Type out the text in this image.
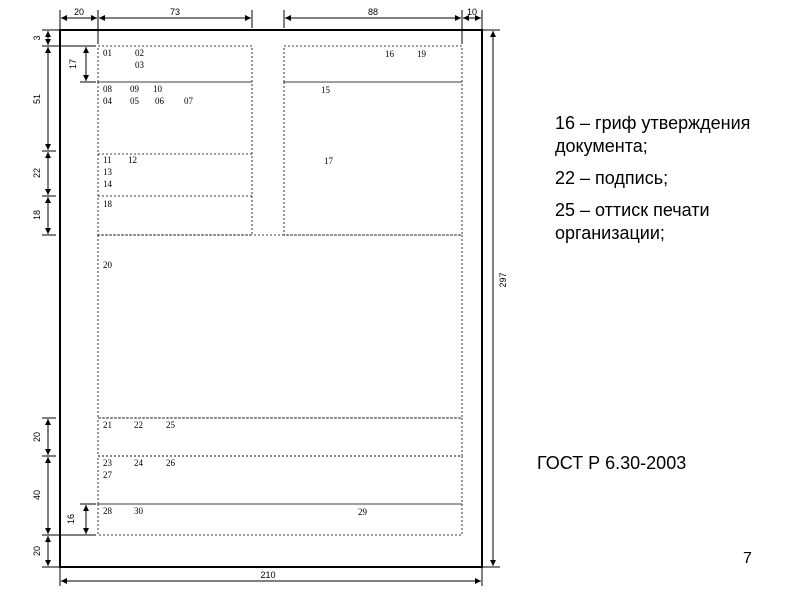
20	73	88	10
3
17
51
22
18
20
40
16
20
297
210
01	02
03
16	19
08 09 10
04 05 06 07
15
11 12
13
14
17
18
20
21 22	25
23 24	26
27
28 30	29

16 – гриф утверждения документа;

22 – подпись;

25 – оттиск печати организации;

ГОСТ Р 6.30-2003
7
